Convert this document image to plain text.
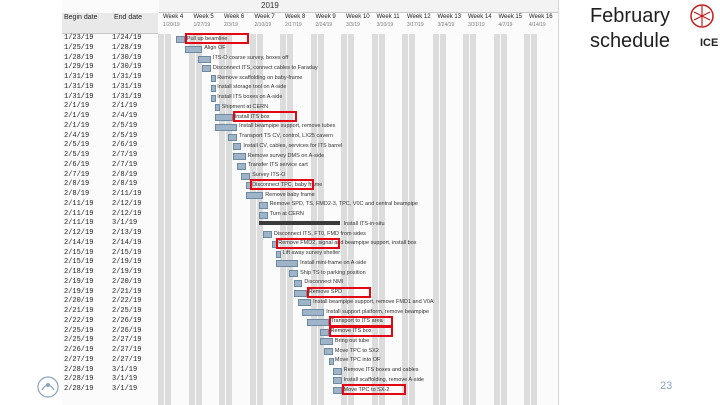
2019
Begin date End date	Week 4
1/20/19
Week 5
1/27/19
Week 6
2/3/19
Week 7
2/10/19
Week 8
2/17/19
Week 9
2/24/19
Week 10
3/3/19
Week 11
3/10/19
Week 12
3/17/19
Week 13
3/24/19
Week 14
3/31/19
Week 15
4/7/19
Week 16
4/14/19
1/23/19	1/24/19	Pull up beamline
1/25/19	1/28/19	Align OF
1/28/19	1/30/19	ITS-O coarse survey, boxes off
1/29/19	1/30/19	Disconnect ITS, connect cables to Faraday
1/31/19	1/31/19	Remove scaffolding on baby-frame
1/31/19	1/31/19	Install storage tool on A-side
1/31/19	1/31/19	Install ITS boxes on A-side
2/1/19	2/1/19	Shipment at CERN
2/1/19	2/4/19	Install ITS box
2/1/19	2/5/19	Install beampipe support, remove tubes
2/4/19	2/5/19	Transport TS CV, control, LX25 cavern
2/5/19	2/6/19	Install CV, cables, services for ITS barrel
2/5/19	2/7/19	Remove survey DMS on A-side
2/6/19	2/7/19	Transfer ITS service cart
2/7/19	2/8/19	Survey ITS-O
2/8/19	2/8/19	Disconnect TPC, baby frame
2/8/19	2/11/19	Remove baby frame
2/11/19	2/12/19	Remove SPD, TS, FMD2-3, TPC, V0C and central beampipe
2/11/19	2/12/19	Turn at CERN
2/11/19	3/1/19	Install ITS-in-situ
2/12/19	2/13/19	Disconnect ITS, FT0, FMD from sides
2/14/19	2/14/19	Remove FMD2, signal and beampipe support, install box
2/15/19	2/15/19	Lift away survey shelter
2/15/19	2/19/19	Install mini-frame on A-side
2/18/19	2/19/19	Ship TS to parking position
2/19/19	2/20/19	Disconnect NMI
2/19/19	2/21/19	Remove SPD
2/20/19	2/22/19	Install beampipe support, remove FMD1 and V0A
2/21/19	2/25/19	Install support platform, remove beampipe
2/22/19	2/26/19	Transport to ITS area
2/25/19	2/26/19	Remove ITS box
2/25/19	2/27/19	Bring out tube
2/26/19	2/27/19	Move TPC to SX2
2/27/19	2/27/19	Move TPC into OF
2/28/19	3/1/19	Remove ITS boxes and cables
2/28/19	3/1/19	Install scaffolding, remove A-side
2/28/19	3/1/19	Move TPC to SX-2
February schedule	ICE
23
